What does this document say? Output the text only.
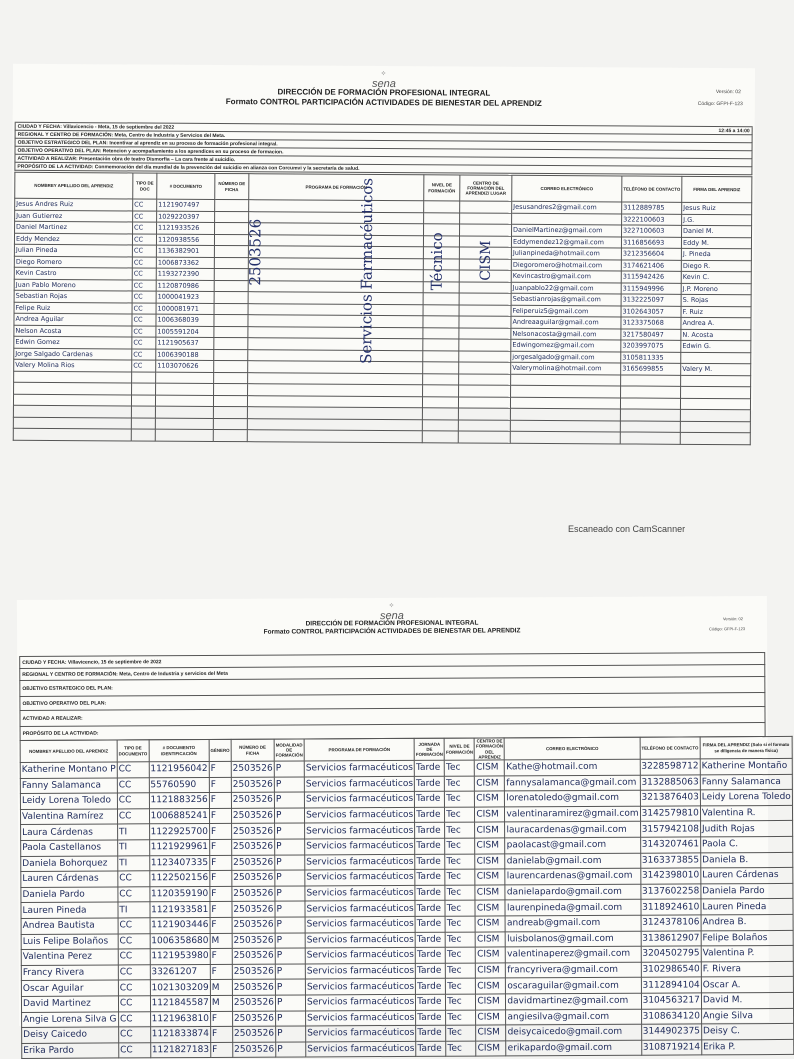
⟡
sena
DIRECCIÓN DE FORMACIÓN PROFESIONAL INTEGRAL
Formato CONTROL PARTICIPACIÓN ACTIVIDADES DE BIENESTAR DEL APRENDIZ
Versión: 02
Código: GFPI-F-123
CIUDAD Y FECHA: Villavicencio - Meta, 15 de septiembre del 2022
12:45 a 14:00
REGIONAL Y CENTRO DE FORMACIÓN: Meta, Centro de Industria y Servicios del Meta.
OBJETIVO ESTRATEGICO DEL PLAN: Incentivar al aprendiz en su proceso de formación profesional integral.
OBJETIVO OPERATIVO DEL PLAN: Retencion y acompañamiento a los aprendices en su proceso de formacion.
ACTIVIDAD A REALIZAR: Presentación obra de teatro Dismorfia – La cara frente al suicidio.
PROPÓSITO DE LA ACTIVIDAD: Conmemoración del día mundial de la prevención del suicidio en alianza con Corcumvi y la secretaría de salud.
NOMBREY APELLIDO DEL APRENDIZ	TIPO DE DOC	# DOCUMENTO	NÚMERO DE FICHA	PROGRAMA DE FORMACIÓN	NIVEL DE FORMACIÓN	CENTRO DE FORMACIÓN DEL APRENDIZ/ LUGAR	CORREO ELECTRÓNICO	TELÉFONO DE CONTACTO	FIRMA DEL APRENDIZ
Jesus Andres Ruiz	CC	1121907497					Jesusandres2@gmail.com	3112889785	Jesus Ruiz
Juan Gutierrez	CC	1029220397						3222100603	J.G.
Daniel Martinez	CC	1121933526					DanielMartinez@gmail.com	3227100603	Daniel M.
Eddy Mendez	CC	1120938556					Eddymendez12@gmail.com	3116856693	Eddy M.
Julian Pineda	CC	1136382901					Julianpineda@hotmail.com	3212356604	J. Pineda
Diego Romero	CC	1006873362					Diegoromero@hotmail.com	3174621406	Diego R.
Kevin Castro	CC	1193272390					Kevincastro@gmail.com	3115942426	Kevin C.
Juan Pablo Moreno	CC	1120870986					Juanpablo22@gmail.com	3115949996	J.P. Moreno
Sebastian Rojas	CC	1000041923					Sebastianrojas@gmail.com	3132225097	S. Rojas
Felipe Ruiz	CC	1000081971					Feliperuiz5@gmail.com	3102643057	F. Ruiz
Andrea Aguilar	CC	1006368039					Andreaaguilar@gmail.com	3123375068	Andrea A.
Nelson Acosta	CC	1005591204					Nelsonacosta@gmail.com	3217580497	N. Acosta
Edwin Gomez	CC	1121905637					Edwingomez@gmail.com	3203997075	Edwin G.
Jorge Salgado Cardenas	CC	1006390188					jorgesalgado@gmail.com	3105811335	
Valery Molina Rios	CC	1103070626					Valerymolina@hotmail.com	3165699855	Valery M.

2503526	Servicios Farmacéuticos	Técnico CISM
Escaneado con CamScanner
⟡
sena
DIRECCIÓN DE FORMACIÓN PROFESIONAL INTEGRAL
Formato CONTROL PARTICIPACIÓN ACTIVIDADES DE BIENESTAR DEL APRENDIZ
Versión: 02
Código: GFPI-F-123
CIUDAD Y FECHA: Villavicencio, 15 de septiembre de 2022
REGIONAL Y CENTRO DE FORMACIÓN: Meta, Centro de Industria y servicios del Meta
OBJETIVO ESTRATEGICO DEL PLAN:
OBJETIVO OPERATIVO DEL PLAN:
ACTIVIDAD A REALIZAR:
PROPÓSITO DE LA ACTIVIDAD:
NOMBREY APELLIDO DEL APRENDIZ	TIPO DE DOCUMENTO	# DOCUMENTO IDENTIFICACIÓN	GÉNERO	NÚMERO DE FICHA	MODALIDAD DE FORMACIÓN	PROGRAMA DE FORMACIÓN	JORNADA DE FORMACIÓN	NIVEL DE FORMACIÓN	CENTRO DE FORMACIÓN DEL APRENDIZ	CORREO ELECTRÓNICO	TELÉFONO DE CONTACTO	FIRMA DEL APRENDIZ (Solo si el formato se diligencia de manera física)
Katherine Montano P	CC	1121956042	F	2503526	P	Servicios farmacéuticos	Tarde	Tec	CISM	Kathe@hotmail.com	3228598712	Katherine Montaño
Fanny Salamanca	CC	55760590	F	2503526	P	Servicios farmacéuticos	Tarde	Tec	CISM	fannysalamanca@gmail.com	3132885063	Fanny Salamanca
Leidy Lorena Toledo	CC	1121883256	F	2503526	P	Servicios farmacéuticos	Tarde	Tec	CISM	lorenatoledo@gmail.com	3213876403	Leidy Lorena Toledo
Valentina Ramírez	CC	1006885241	F	2503526	P	Servicios farmacéuticos	Tarde	Tec	CISM	valentinaramirez@gmail.com	3142579810	Valentina R.
Laura Cárdenas	TI	1122925700	F	2503526	P	Servicios farmacéuticos	Tarde	Tec	CISM	lauracardenas@gmail.com	3157942108	Judith Rojas
Paola Castellanos	TI	1121929961	F	2503526	P	Servicios farmacéuticos	Tarde	Tec	CISM	paolacast@gmail.com	3143207461	Paola C.
Daniela Bohorquez	TI	1123407335	F	2503526	P	Servicios farmacéuticos	Tarde	Tec	CISM	danielab@gmail.com	3163373855	Daniela B.
Lauren Cárdenas	CC	1122502156	F	2503526	P	Servicios farmacéuticos	Tarde	Tec	CISM	laurencardenas@gmail.com	3142398010	Lauren Cárdenas
Daniela Pardo	CC	1120359190	F	2503526	P	Servicios farmacéuticos	Tarde	Tec	CISM	danielapardo@gmail.com	3137602258	Daniela Pardo
Lauren Pineda	TI	1121933581	F	2503526	P	Servicios farmacéuticos	Tarde	Tec	CISM	laurenpineda@gmail.com	3118924610	Lauren Pineda
Andrea Bautista	CC	1121903446	F	2503526	P	Servicios farmacéuticos	Tarde	Tec	CISM	andreab@gmail.com	3124378106	Andrea B.
Luis Felipe Bolaños	CC	1006358680	M	2503526	P	Servicios farmacéuticos	Tarde	Tec	CISM	luisbolanos@gmail.com	3138612907	Felipe Bolaños
Valentina Perez	CC	1121953980	F	2503526	P	Servicios farmacéuticos	Tarde	Tec	CISM	valentinaperez@gmail.com	3204502795	Valentina P.
Francy Rivera	CC	33261207	F	2503526	P	Servicios farmacéuticos	Tarde	Tec	CISM	francyrivera@gmail.com	3102986540	F. Rivera
Oscar Aguilar	CC	1021303209	M	2503526	P	Servicios farmacéuticos	Tarde	Tec	CISM	oscaraguilar@gmail.com	3112894104	Oscar A.
David Martinez	CC	1121845587	M	2503526	P	Servicios farmacéuticos	Tarde	Tec	CISM	davidmartinez@gmail.com	3104563217	David M.
Angie Lorena Silva G	CC	1121963810	F	2503526	P	Servicios farmacéuticos	Tarde	Tec	CISM	angiesilva@gmail.com	3108634120	Angie Silva
Deisy Caicedo	CC	1121833874	F	2503526	P	Servicios farmacéuticos	Tarde	Tec	CISM	deisycaicedo@gmail.com	3144902375	Deisy C.
Erika Pardo	CC	1121827183	F	2503526	P	Servicios farmacéuticos	Tarde	Tec	CISM	erikapardo@gmail.com	3108719214	Erika P.
